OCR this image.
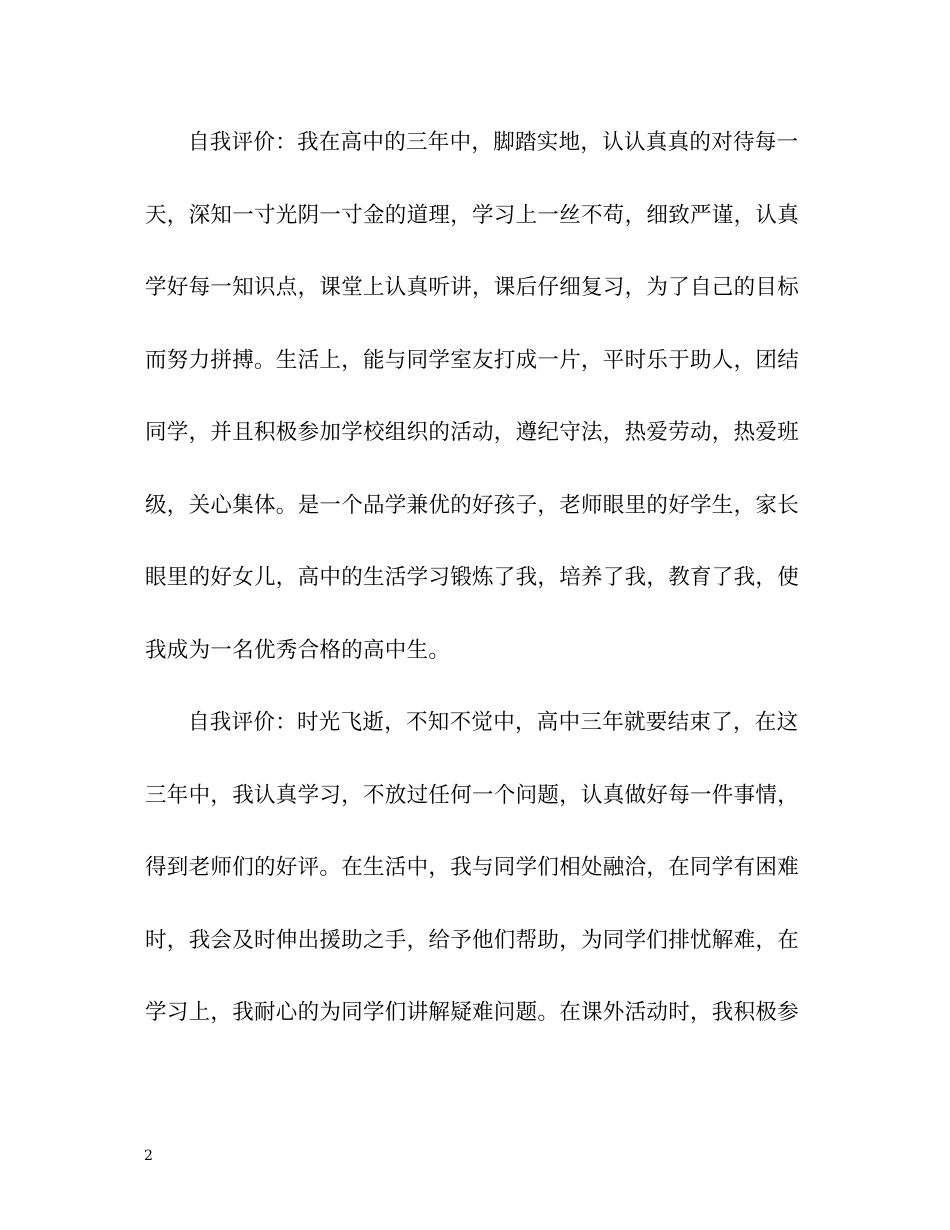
自我评价：我在高中的三年中，脚踏实地，认认真真的对待每一
天，深知一寸光阴一寸金的道理，学习上一丝不苟，细致严谨，认真
学好每一知识点，课堂上认真听讲，课后仔细复习，为了自己的目标
而努力拼搏。生活上，能与同学室友打成一片，平时乐于助人，团结
同学，并且积极参加学校组织的活动，遵纪守法，热爱劳动，热爱班
级，关心集体。是一个品学兼优的好孩子，老师眼里的好学生，家长
眼里的好女儿，高中的生活学习锻炼了我，培养了我，教育了我，使
我成为一名优秀合格的高中生。
自我评价：时光飞逝，不知不觉中，高中三年就要结束了，在这
三年中，我认真学习，不放过任何一个问题，认真做好每一件事情，
得到老师们的好评。在生活中，我与同学们相处融洽，在同学有困难
时，我会及时伸出援助之手，给予他们帮助，为同学们排忧解难，在
学习上，我耐心的为同学们讲解疑难问题。在课外活动时，我积极参
2
